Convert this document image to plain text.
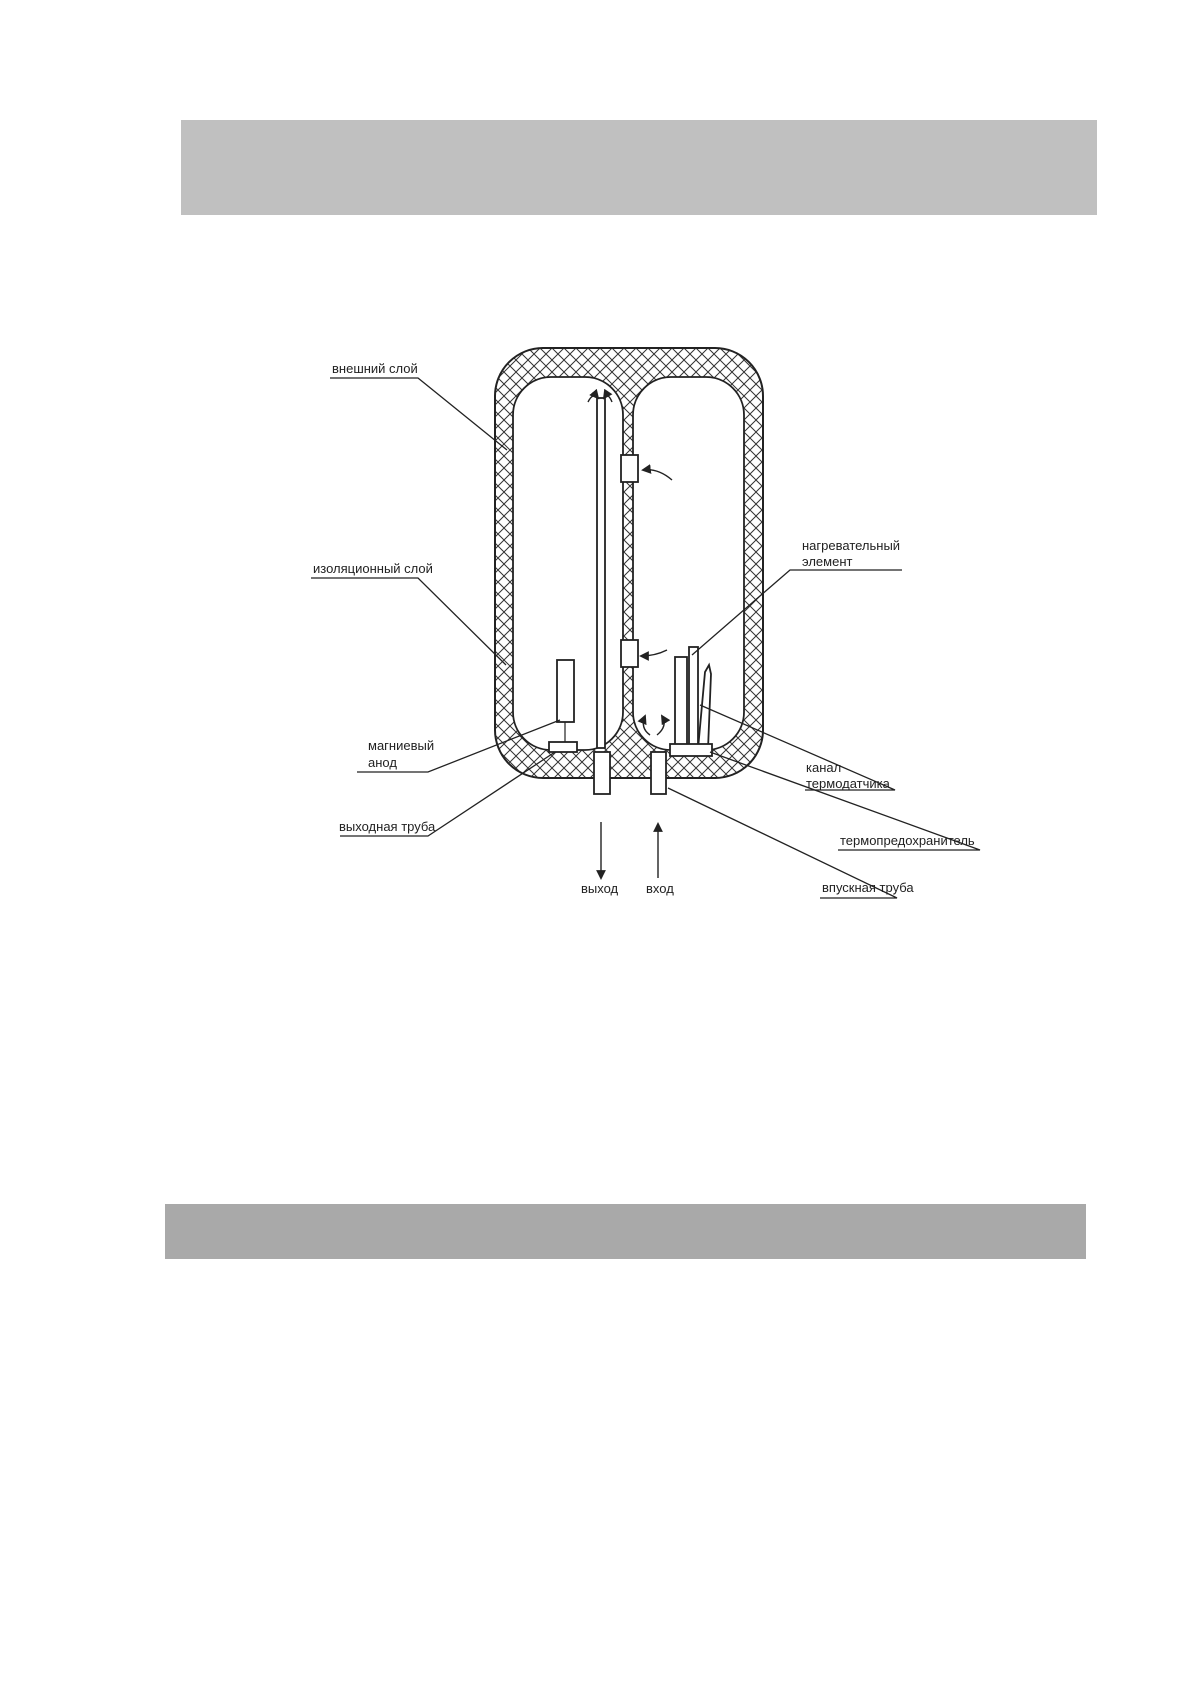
внешний слой
изоляционный слой
нагревательный
элемент
магниевый
анод	канал
термодатчика
выходная труба
термопредохранитель
выход вход	впускная труба
